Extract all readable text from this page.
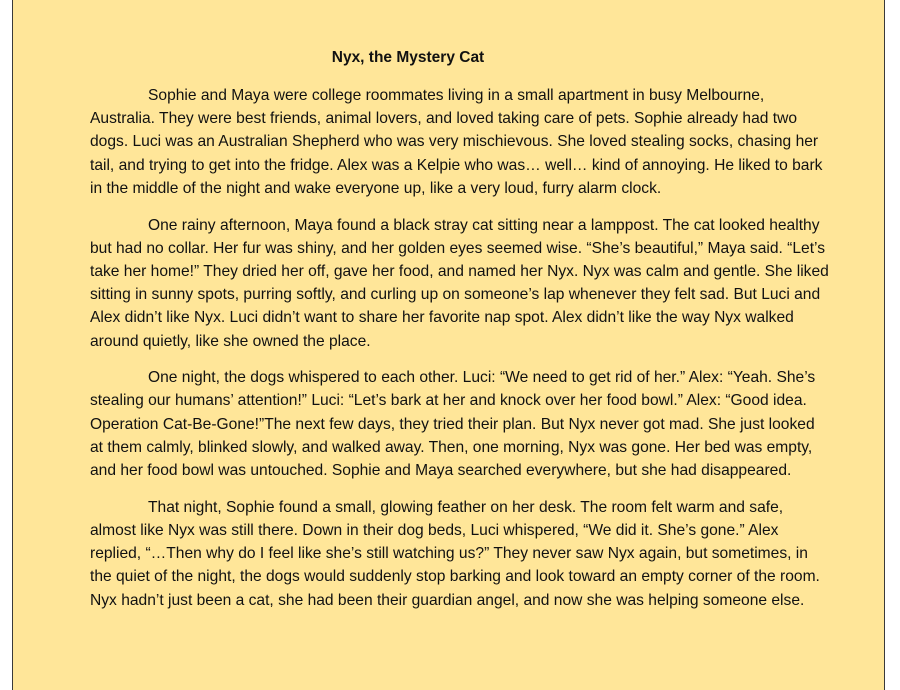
Nyx, the Mystery Cat

Sophie and Maya were college roommates living in a small apartment in busy Melbourne, Australia. They were best friends, animal lovers, and loved taking care of pets. Sophie already had two dogs. Luci was an Australian Shepherd who was very mischievous. She loved stealing socks, chasing her tail, and trying to get into the fridge. Alex was a Kelpie who was… well… kind of annoying. He liked to bark in the middle of the night and wake everyone up, like a very loud, furry alarm clock.

One rainy afternoon, Maya found a black stray cat sitting near a lamppost. The cat looked healthy but had no collar. Her fur was shiny, and her golden eyes seemed wise. “She’s beautiful,” Maya said. “Let’s take her home!” They dried her off, gave her food, and named her Nyx. Nyx was calm and gentle. She liked sitting in sunny spots, purring softly, and curling up on someone’s lap whenever they felt sad. But Luci and Alex didn’t like Nyx. Luci didn’t want to share her favorite nap spot. Alex didn’t like the way Nyx walked around quietly, like she owned the place.

One night, the dogs whispered to each other. Luci: “We need to get rid of her.” Alex: “Yeah. She’s stealing our humans’ attention!” Luci: “Let’s bark at her and knock over her food bowl.” Alex: “Good idea. Operation Cat-Be-Gone!”The next few days, they tried their plan. But Nyx never got mad. She just looked at them calmly, blinked slowly, and walked away. Then, one morning, Nyx was gone. Her bed was empty, and her food bowl was untouched. Sophie and Maya searched everywhere, but she had disappeared.

That night, Sophie found a small, glowing feather on her desk. The room felt warm and safe, almost like Nyx was still there. Down in their dog beds, Luci whispered, “We did it. She’s gone.” Alex replied, “…Then why do I feel like she’s still watching us?” They never saw Nyx again, but sometimes, in the quiet of the night, the dogs would suddenly stop barking and look toward an empty corner of the room. Nyx hadn’t just been a cat, she had been their guardian angel, and now she was helping someone else.
